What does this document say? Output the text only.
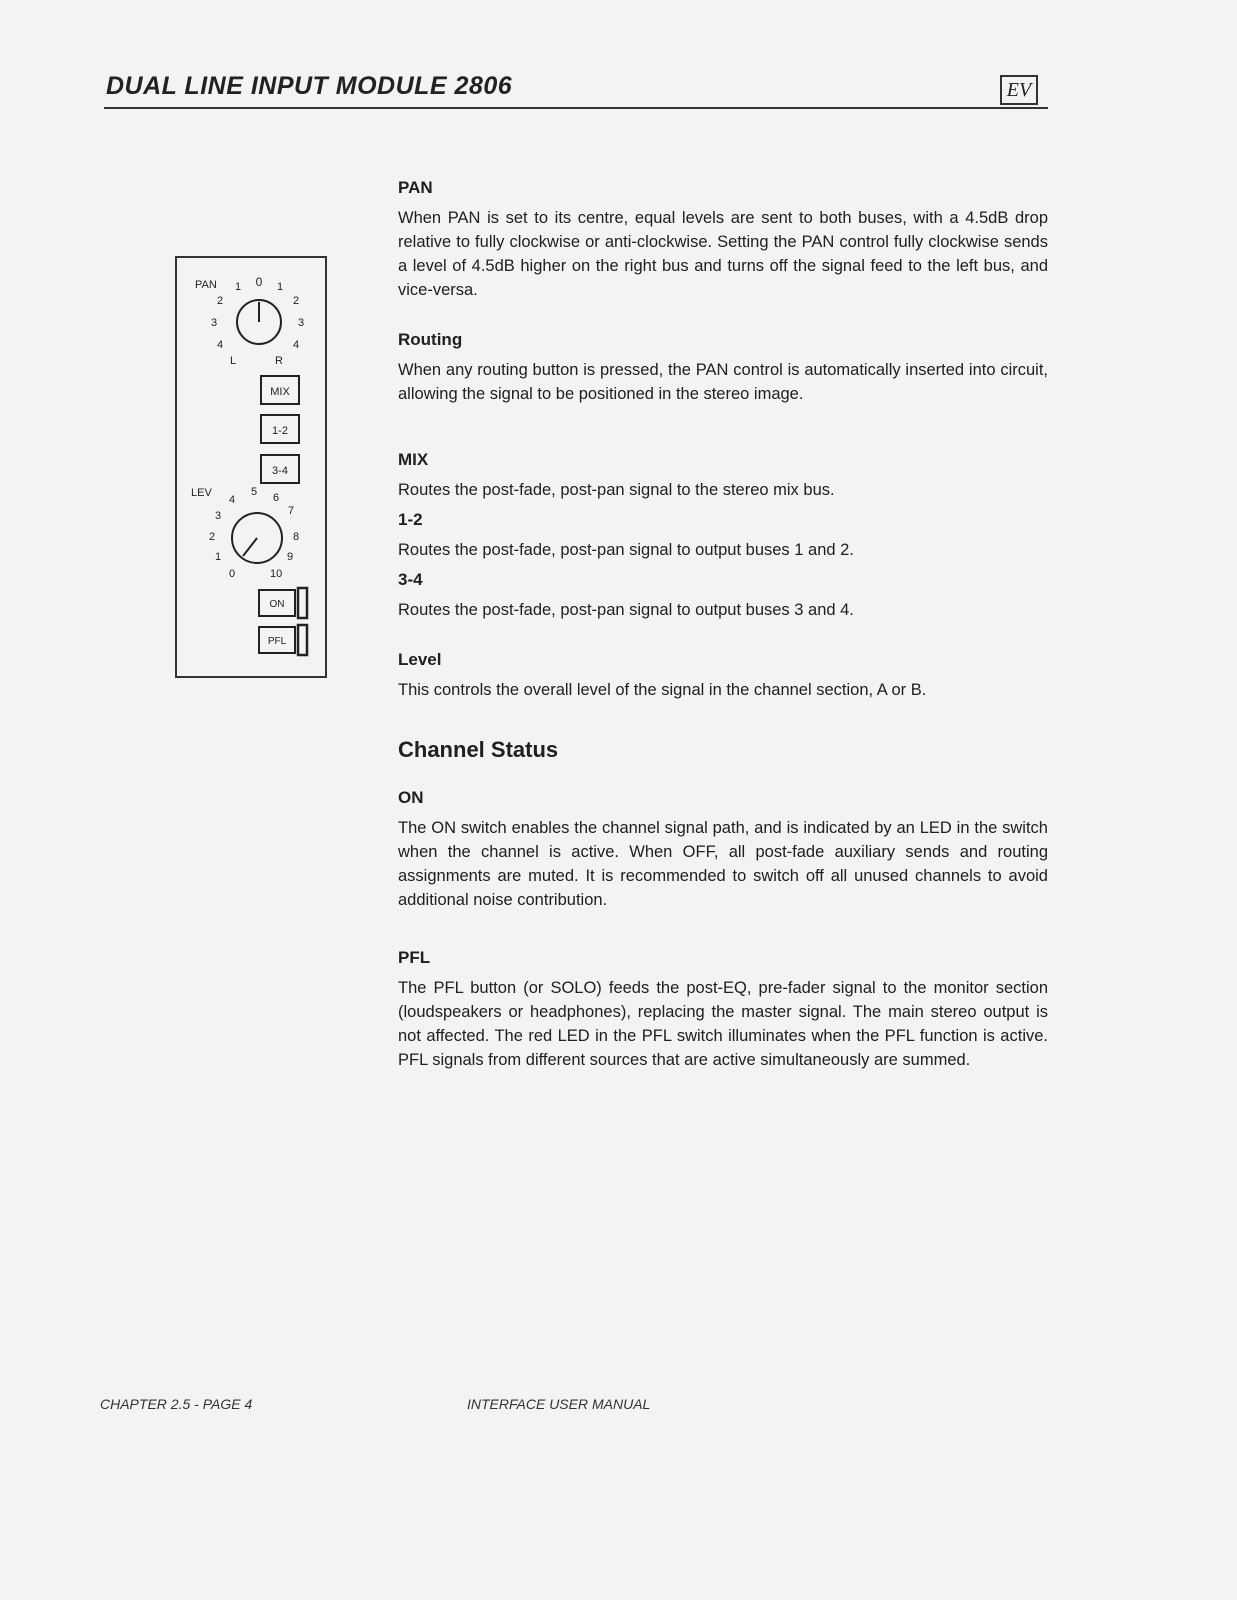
DUAL LINE INPUT MODULE 2806	EV
PAN	0
1
2
3
4
1
2
3
4
L	R
MIX
1-2
3-4
LEV
0
1
2
3
4
5 6
7
8
9
10
ON
PFL

PAN

When PAN is set to its centre, equal levels are sent to both buses, with a 4.5dB drop relative to fully clockwise or anti-clockwise. Setting the PAN control fully clockwise sends a level of 4.5dB higher on the right bus and turns off the signal feed to the left bus, and vice-versa.

Routing

When any routing button is pressed, the PAN control is automatically inserted into circuit, allowing the signal to be positioned in the stereo image.

MIX

Routes the post-fade, post-pan signal to the stereo mix bus.

1-2

Routes the post-fade, post-pan signal to output buses 1 and 2.

3-4

Routes the post-fade, post-pan signal to output buses 3 and 4.

Level

This controls the overall level of the signal in the channel section, A or B.

Channel Status

ON

The ON switch enables the channel signal path, and is indicated by an LED in the switch when the channel is active. When OFF, all post-fade auxiliary sends and routing assignments are muted. It is recommended to switch off all unused channels to avoid additional noise contribution.

PFL

The PFL button (or SOLO) feeds the post-EQ, pre-fader signal to the monitor section (loudspeakers or headphones), replacing the master signal. The main stereo output is not affected. The red LED in the PFL switch illuminates when the PFL function is active. PFL signals from different sources that are active simultaneously are summed.

CHAPTER 2.5 - PAGE 4	INTERFACE USER MANUAL
